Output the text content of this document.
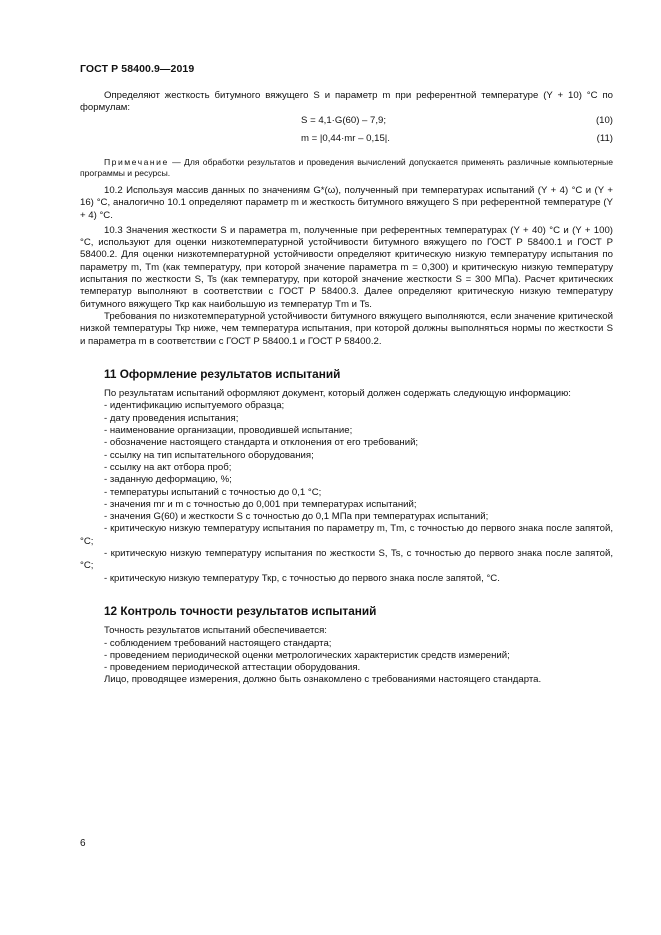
ГОСТ Р 58400.9—2019

Определяют жесткость битумного вяжущего S и параметр m при референтной температуре (Y + 10) °С по формулам:

S = 4,1·G(60) – 7,9;	(10)
m = |0,44·mr – 0,15|.	(11)

Примечание — Для обработки результатов и проведения вычислений допускается применять различные компьютерные программы и ресурсы.

10.2 Используя массив данных по значениям G*(ω), полученный при температурах испытаний (Y + 4) °С и (Y + 16) °С, аналогично 10.1 определяют параметр m и жесткость битумного вяжущего S при референтной температуре (Y + 4) °С.

10.3 Значения жесткости S и параметра m, полученные при референтных температурах (Y + 40) °С и (Y + 100) °С, используют для оценки низкотемпературной устойчивости битумного вяжущего по ГОСТ Р 58400.1 и ГОСТ Р 58400.2. Для оценки низкотемпературной устойчивости определяют критическую низкую температуру испытания по параметру m, Tm (как температуру, при которой значение параметра m = 0,300) и критическую низкую температуру испытания по жесткости S, Ts (как температуру, при которой значение жесткости S = 300 МПа). Расчет критических температур выполняют в соответствии с ГОСТ Р 58400.3. Далее определяют критическую низкую температуру битумного вяжущего Ткр как наибольшую из температур Tm и Ts.

Требования по низкотемпературной устойчивости битумного вяжущего выполняются, если значение критической низкой температуры Ткр ниже, чем температура испытания, при которой должны выполняться нормы по жесткости S и параметра m в соответствии с ГОСТ Р 58400.1 и ГОСТ Р 58400.2.

11 Оформление результатов испытаний

По результатам испытаний оформляют документ, который должен содержать следующую информацию:

- идентификацию испытуемого образца;

- дату проведения испытания;

- наименование организации, проводившей испытание;

- обозначение настоящего стандарта и отклонения от его требований;

- ссылку на тип испытательного оборудования;

- ссылку на акт отбора проб;

- заданную деформацию, %;

- температуры испытаний с точностью до 0,1 °С;

- значения mr и m с точностью до 0,001 при температурах испытаний;

- значения G(60) и жесткости S с точностью до 0,1 МПа при температурах испытаний;

- критическую низкую температуру испытания по параметру m, Tm, с точностью до первого знака после запятой, °С;

- критическую низкую температуру испытания по жесткости S, Ts, с точностью до первого знака после запятой, °С;

- критическую низкую температуру Ткр, с точностью до первого знака после запятой, °С.

12 Контроль точности результатов испытаний

Точность результатов испытаний обеспечивается:

- соблюдением требований настоящего стандарта;

- проведением периодической оценки метрологических характеристик средств измерений;

- проведением периодической аттестации оборудования.

Лицо, проводящее измерения, должно быть ознакомлено с требованиями настоящего стандарта.

6
